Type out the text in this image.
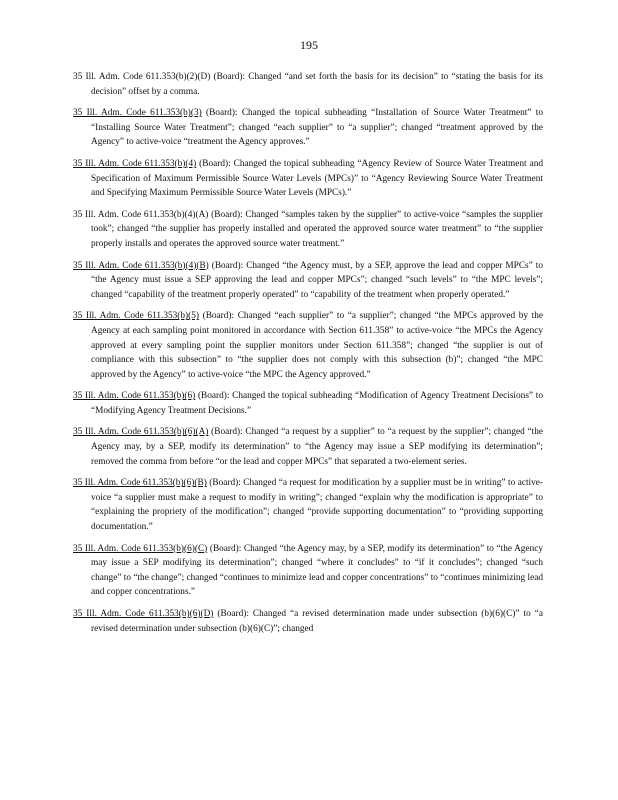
195

35 Ill. Adm. Code 611.353(b)(2)(D) (Board): Changed “and set forth the basis for its decision” to “stating the basis for its decision” offset by a comma.

35 Ill. Adm. Code 611.353(b)(3) (Board): Changed the topical subheading “Installation of Source Water Treatment” to “Installing Source Water Treatment”; changed “each supplier” to “a supplier”; changed “treatment approved by the Agency” to active-voice “treatment the Agency approves.”

35 Ill. Adm. Code 611.353(b)(4) (Board): Changed the topical subheading “Agency Review of Source Water Treatment and Specification of Maximum Permissible Source Water Levels (MPCs)” to “Agency Reviewing Source Water Treatment and Specifying Maximum Permissible Source Water Levels (MPCs).”

35 Ill. Adm. Code 611.353(b)(4)(A) (Board): Changed “samples taken by the supplier” to active-voice “samples the supplier took”; changed “the supplier has properly installed and operated the approved source water treatment” to “the supplier properly installs and operates the approved source water treatment.”

35 Ill. Adm. Code 611.353(b)(4)(B) (Board): Changed “the Agency must, by a SEP, approve the lead and copper MPCs” to “the Agency must issue a SEP approving the lead and copper MPCs”; changed “such levels” to “the MPC levels”; changed “capability of the treatment properly operated” to “capability of the treatment when properly operated.”

35 Ill. Adm. Code 611.353(b)(5) (Board): Changed “each supplier” to “a supplier”; changed “the MPCs approved by the Agency at each sampling point monitored in accordance with Section 611.358” to active-voice “the MPCs the Agency approved at every sampling point the supplier monitors under Section 611.358”; changed “the supplier is out of compliance with this subsection” to “the supplier does not comply with this subsection (b)”; changed “the MPC approved by the Agency” to active-voice “the MPC the Agency approved.”

35 Ill. Adm. Code 611.353(b)(6) (Board): Changed the topical subheading “Modification of Agency Treatment Decisions” to “Modifying Agency Treatment Decisions.”

35 Ill. Adm. Code 611.353(b)(6)(A) (Board): Changed “a request by a supplier” to “a request by the supplier”; changed “the Agency may, by a SEP, modify its determination” to “the Agency may issue a SEP modifying its determination”; removed the comma from before “or the lead and copper MPCs” that separated a two-element series.

35 Ill. Adm. Code 611.353(b)(6)(B) (Board): Changed “a request for modification by a supplier must be in writing” to active-voice “a supplier must make a request to modify in writing”; changed “explain why the modification is appropriate” to “explaining the propriety of the modification”; changed “provide supporting documentation” to “providing supporting documentation.”

35 Ill. Adm. Code 611.353(b)(6)(C) (Board): Changed “the Agency may, by a SEP, modify its determination” to “the Agency may issue a SEP modifying its determination”; changed “where it concludes” to “if it concludes”; changed “such change” to “the change”; changed “continues to minimize lead and copper concentrations” to “continues minimizing lead and copper concentrations.”

35 Ill. Adm. Code 611.353(b)(6)(D) (Board): Changed “a revised determination made under subsection (b)(6)(C)” to “a revised determination under subsection (b)(6)(C)”; changed
